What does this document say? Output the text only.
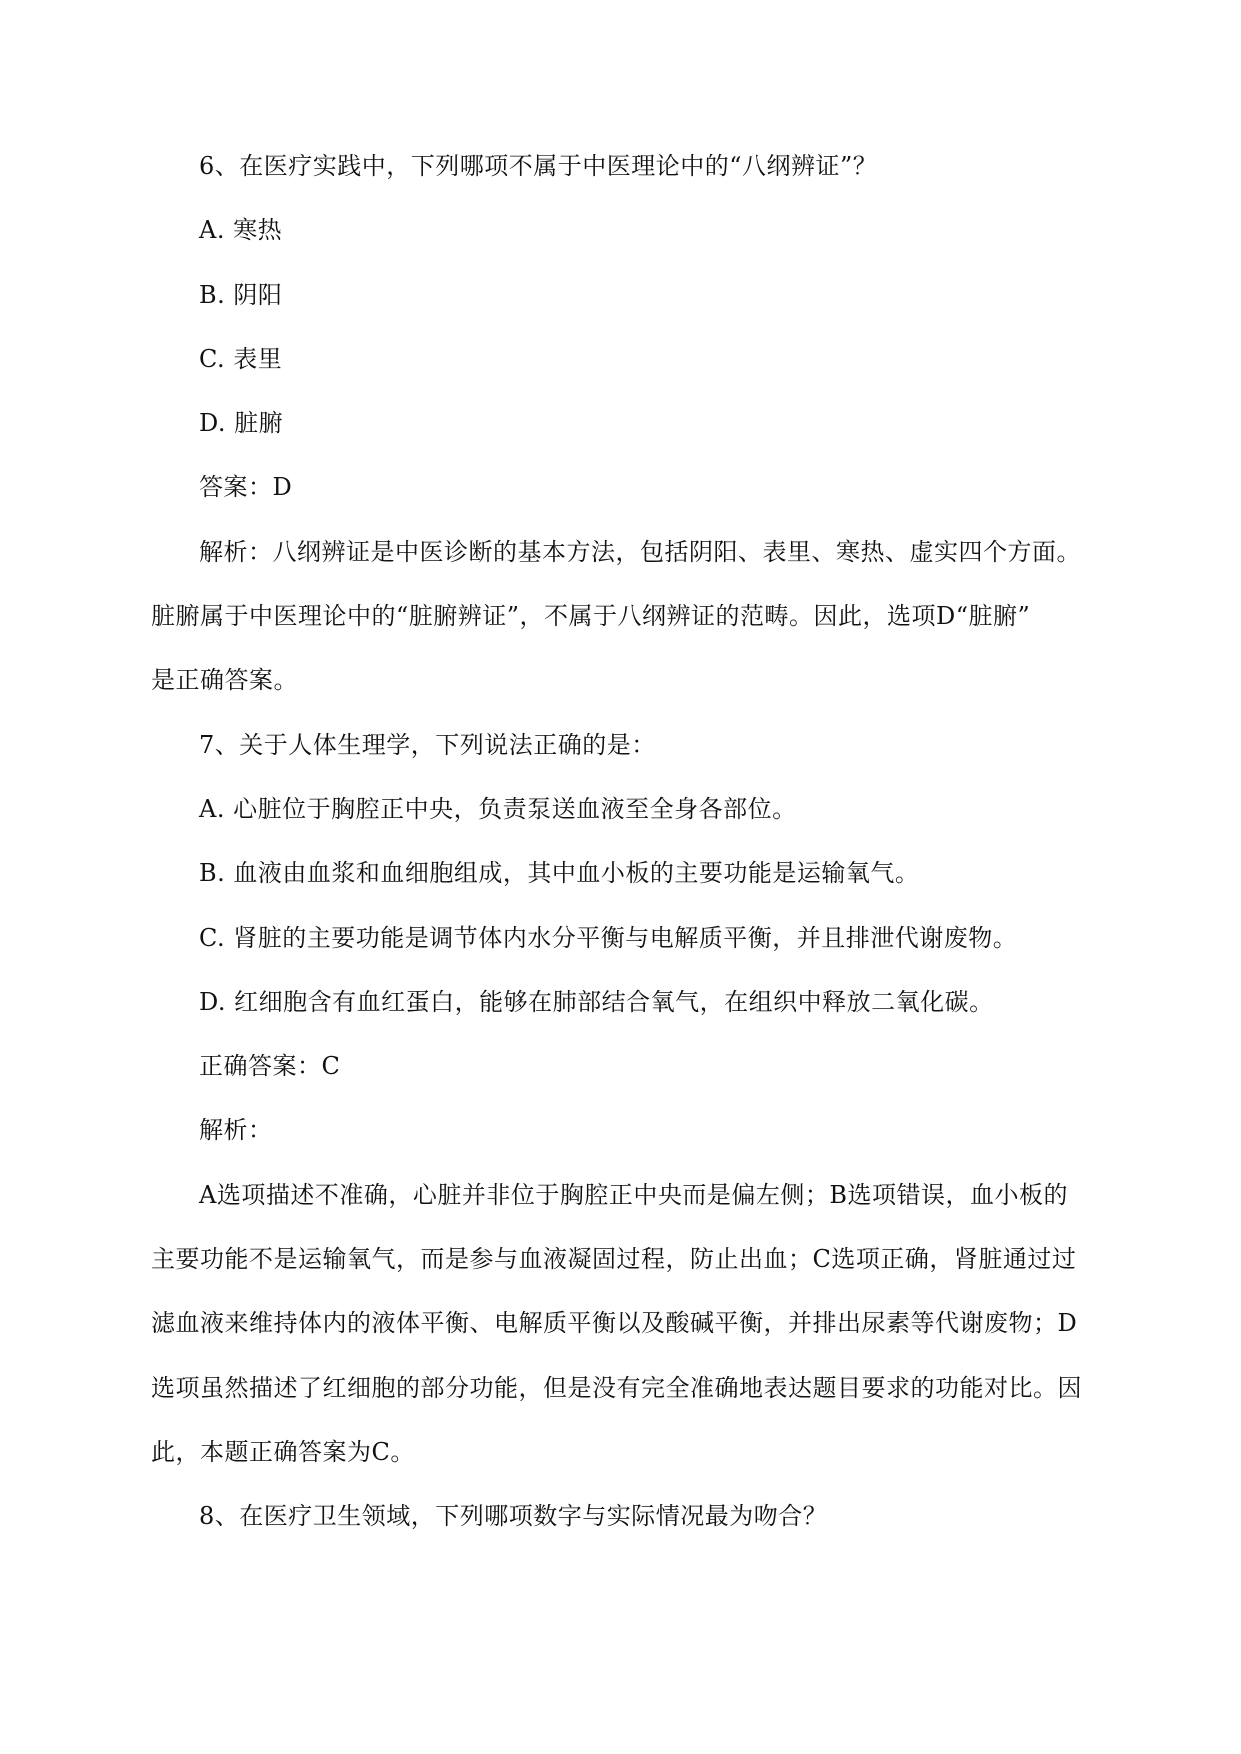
6、在医疗实践中，下列哪项不属于中医理论中的“八纲辨证”？
A. 寒热
B. 阴阳
C. 表里
D. 脏腑
答案：D
解析：八纲辨证是中医诊断的基本方法，包括阴阳、表里、寒热、虚实四个方面。
脏腑属于中医理论中的“脏腑辨证”，不属于八纲辨证的范畴。因此，选项D“脏腑”
是正确答案。
7、关于人体生理学，下列说法正确的是：
A. 心脏位于胸腔正中央，负责泵送血液至全身各部位。
B. 血液由血浆和血细胞组成，其中血小板的主要功能是运输氧气。
C. 肾脏的主要功能是调节体内水分平衡与电解质平衡，并且排泄代谢废物。
D. 红细胞含有血红蛋白，能够在肺部结合氧气，在组织中释放二氧化碳。
正确答案：C
解析：
A选项描述不准确，心脏并非位于胸腔正中央而是偏左侧；B选项错误，血小板的
主要功能不是运输氧气，而是参与血液凝固过程，防止出血；C选项正确，肾脏通过过
滤血液来维持体内的液体平衡、电解质平衡以及酸碱平衡，并排出尿素等代谢废物；D
选项虽然描述了红细胞的部分功能，但是没有完全准确地表达题目要求的功能对比。因
此，本题正确答案为C。
8、在医疗卫生领域，下列哪项数字与实际情况最为吻合？
